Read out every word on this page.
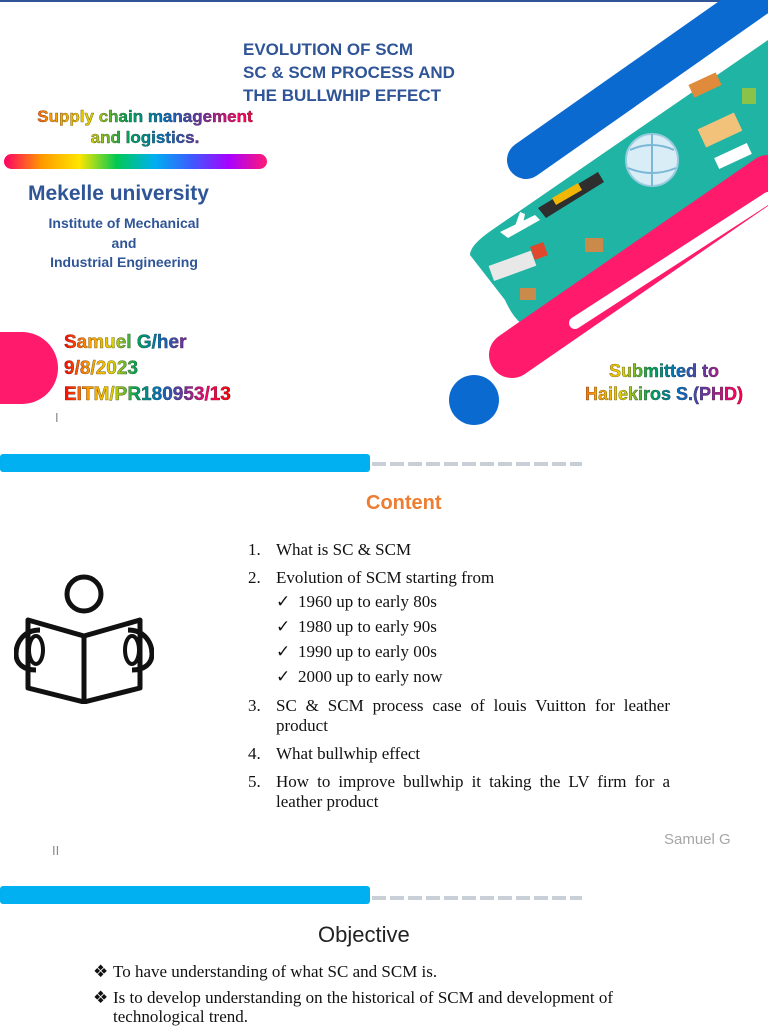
EVOLUTION OF SCM
SC & SCM PROCESS AND
THE BULLWHIP EFFECT
Supply chain management
and logistics.
Mekelle university
Institute of Mechanical
and
Industrial Engineering
Samuel G/her
9/8/2023
EITM/PR180953/13
Submitted to
Hailekiros S.(PHD)
I
Content
1. What is SC & SCM
2. Evolution of SCM starting from
✓ 1960 up to early 80s
✓ 1980 up to early 90s
✓ 1990 up to early 00s
✓ 2000 up to early now
3. SC & SCM process case of louis Vuitton for leather product
4. What bullwhip effect
5. How to improve bullwhip it taking the LV firm for a leather product
Samuel G
II
Objective
❖ To have understanding of what SC and SCM is.
❖ Is to develop understanding on the historical of SCM and development of technological trend.
